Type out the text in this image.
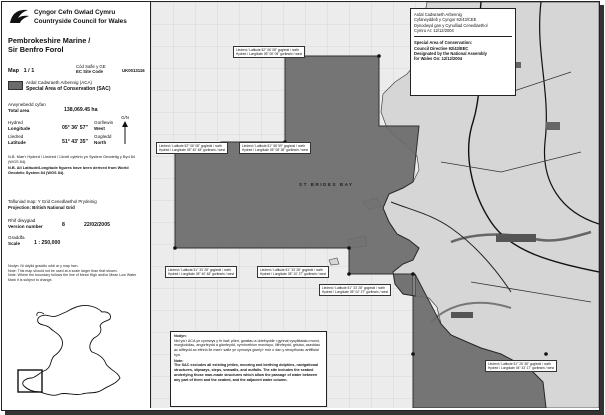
Cyngor Cefn Gwlad Cymru
Countryside Council for Wales
Pembrokeshire Marine /
Sir Benfro Forol
Map 1 / 1
Cód Safle y GE
EC Site Code	UK0013116
Ardal Cadwraeth Arbennig (ACA)
Special Area of Conservation (SAC)
Arwynebedd cyfan
Total area	138,069.45 ha
Hydred
Longitude	05° 36' 57"
Gorllewin
West
Lledred
Latitude	51° 43' 35"
Gogledd
North
G/N

N.B. Mae'r Hydred / Lledred / Llinell cyfeirio yn System Geodetig y Byd 84 (WGS 84).

N.B. All Latitude/Longitude figures have been derived from World Geodetic System 84 (WGS 84).

Tafluniad map: Y Grid Cenedlaethol Prydeinig
Projection: British National Grid
Rhif diwygiad
Version number	8	22/02/2005
Graddfa
Scale	1 : 250,000
Nodyn: Ni ddylid graddio oddi ar y map hwn.
Note: This map should not be used at a scale larger than that shown.
Note: Where the boundary follows the line of Mean High and/or Mean Low Water Mark it is subject to change.
ST BRIDES BAY
Lledred / Latitude 52° 06' 08" gogledd / north
Hydred / Longitude 05° 06' 05" gorllewin / west
Lledred / Latitude 52° 06' 08" gogledd / north
Hydred / Longitude 05° 40' 48" gorllewin / west
Lledred / Latitude 51° 58' 59" gogledd / north
Hydred / Longitude 05° 08' 38" gorllewin / west
Lledred / Latitude 51° 33' 28" gogledd / north
Hydred / Longitude 05° 40' 48" gorllewin / west
Lledred / Latitude 51° 33' 28" gogledd / north
Hydred / Longitude 05° 10' 27" gorllewin / west
Lledred / Latitude 51° 33' 28" gogledd / north
Hydred / Longitude 05° 02' 37" gorllewin / west
Lledred / Latitude 51° 26' 38" gogledd / north
Hydred / Longitude 04° 43' 17" gorllewin / west
Nodyn:
Nid yw'r ACA yn cynnwys y tir isaf; pileri, gwaliau a ddefnyddir i gynnal cysylltiadau morol, morgloddiau, angorfeydd a glanfeydd, cymhorthion mordwyo, llithrfeydd, grisiau, aseddau ac allfeydd ac eithrio lle mae'r safle yn cynnwys gwely'r môr o dan y strwythurau artiffisial hyn.
Note:
The SAC excludes all existing jetties, mooring and berthing dolphins, navigational structures, slipways, steps, seawalls, and outfalls. The site includes the seabed underlying those man-made structures which allow the passage of water between any part of them and the seabed, and the adjacent water column.
Ardal Cadwraeth Arbennig
Cyfarwyddeb y Cyngor 92/43/CEE
Dynodwyd gan y Cynulliad Cenedlaethol
Cymru Ar: 12/12/2004
Special Area of Conservation:
Council Directive 92/43/EEC
Designated by the National Assembly
for Wales On: 12/12/2004
